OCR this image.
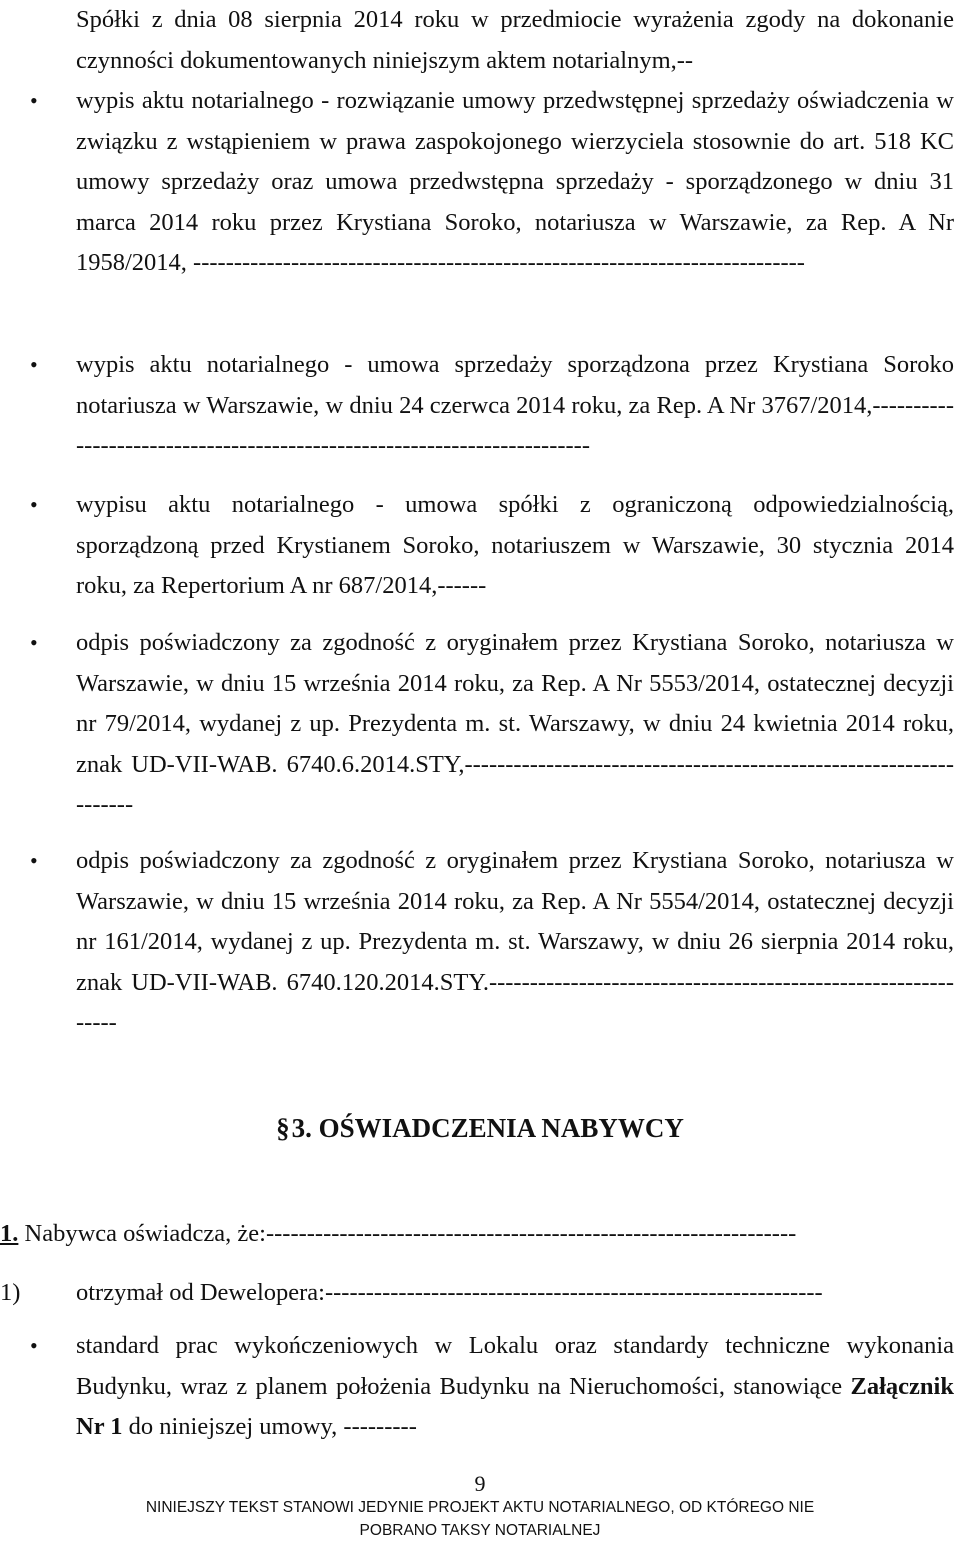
Spółki z dnia 08 sierpnia 2014 roku w przedmiocie wyrażenia zgody na dokonanie czynności dokumentowanych niniejszym aktem notarialnym,--
• wypis aktu notarialnego - rozwiązanie umowy przedwstępnej sprzedaży oświadczenia w związku z wstąpieniem w prawa zaspokojonego wierzyciela stosownie do art. 518 KC umowy sprzedaży oraz umowa przedwstępna sprzedaży - sporządzonego w dniu 31 marca 2014 roku przez Krystiana Soroko, notariusza w Warszawie, za Rep. A Nr 1958/2014, ---------------------------------------------------------------------------
• wypis aktu notarialnego - umowa sprzedaży sporządzona przez Krystiana Soroko notariusza w Warszawie, w dniu 24 czerwca 2014 roku, za Rep. A Nr 3767/2014,-------------------------------------------------------------------------
• wypisu aktu notarialnego - umowa spółki z ograniczoną odpowiedzialnością, sporządzoną przed Krystianem Soroko, notariuszem w Warszawie, 30 stycznia 2014 roku, za Repertorium A nr 687/2014,------
• odpis poświadczony za zgodność z oryginałem przez Krystiana Soroko, notariusza w Warszawie, w dniu 15 września 2014 roku, za Rep. A Nr 5553/2014, ostatecznej decyzji nr 79/2014, wydanej z up. Prezydenta m. st. Warszawy, w dniu 24 kwietnia 2014 roku, znak UD-VII-WAB. 6740.6.2014.STY,-------------------------------------------------------------------
• odpis poświadczony za zgodność z oryginałem przez Krystiana Soroko, notariusza w Warszawie, w dniu 15 września 2014 roku, za Rep. A Nr 5554/2014, ostatecznej decyzji nr 161/2014, wydanej z up. Prezydenta m. st. Warszawy, w dniu 26 sierpnia 2014 roku, znak UD-VII-WAB. 6740.120.2014.STY.--------------------------------------------------------------
§3. OŚWIADCZENIA NABYWCY
1. Nabywca oświadcza, że:-----------------------------------------------------------------
1) otrzymał od Dewelopera:-------------------------------------------------------------
• standard prac wykończeniowych w Lokalu oraz standardy techniczne wykonania Budynku, wraz z planem położenia Budynku na Nieruchomości, stanowiące Załącznik Nr 1 do niniejszej umowy, ---------
9
NINIEJSZY TEKST STANOWI JEDYNIE PROJEKT AKTU NOTARIALNEGO, OD KTÓREGO NIE
POBRANO TAKSY NOTARIALNEJ
